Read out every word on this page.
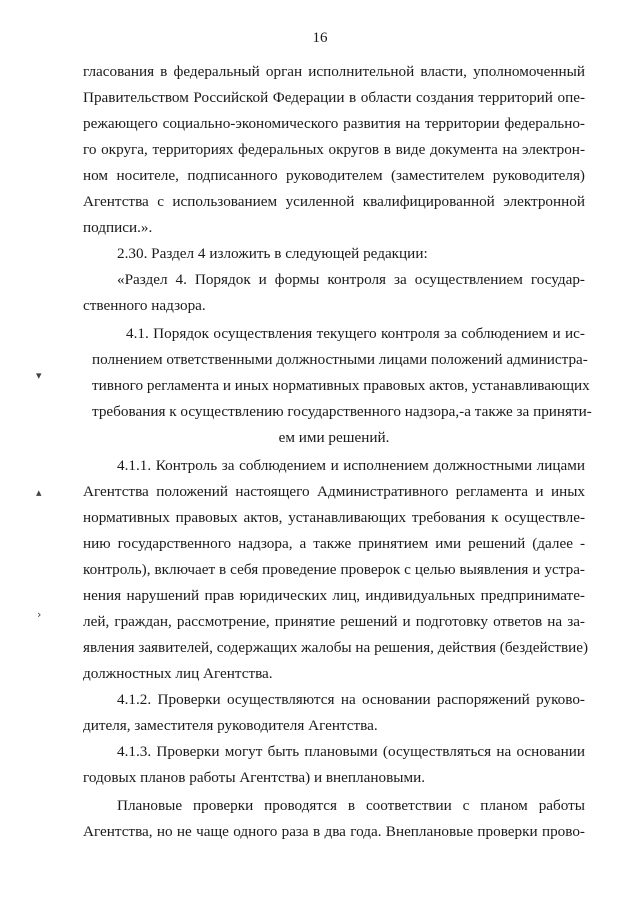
16
▾
▴
›
гласования в федеральный орган исполнительной власти, уполномоченный
Правительством Российской Федерации в области создания территорий опе-
режающего социально-экономического развития на территории федерально-
го округа, территориях федеральных округов в виде документа на электрон-
ном носителе, подписанного руководителем (заместителем руководителя)
Агентства с использованием усиленной квалифицированной электронной
подписи.».
2.30. Раздел 4 изложить в следующей редакции:
«Раздел 4. Порядок и формы контроля за осуществлением государ-
ственного надзора.
4.1. Порядок осуществления текущего контроля за соблюдением и ис-
полнением ответственными должностными лицами положений администра-
тивного регламента и иных нормативных правовых актов, устанавливающих
требования к осуществлению государственного надзора,-а также за приняти-
ем ими решений.
4.1.1. Контроль за соблюдением и исполнением должностными лицами
Агентства положений настоящего Административного регламента и иных
нормативных правовых актов, устанавливающих требования к осуществле-
нию государственного надзора, а также принятием ими решений (далее -
контроль), включает в себя проведение проверок с целью выявления и устра-
нения нарушений прав юридических лиц, индивидуальных предпринимате-
лей, граждан, рассмотрение, принятие решений и подготовку ответов на за-
явления заявителей, содержащих жалобы на решения, действия (бездействие)
должностных лиц Агентства.
4.1.2. Проверки осуществляются на основании распоряжений руково-
дителя, заместителя руководителя Агентства.
4.1.3. Проверки могут быть плановыми (осуществляться на основании
годовых планов работы Агентства) и внеплановыми.
Плановые проверки проводятся в соответствии с планом работы
Агентства, но не чаще одного раза в два года. Внеплановые проверки прово-
